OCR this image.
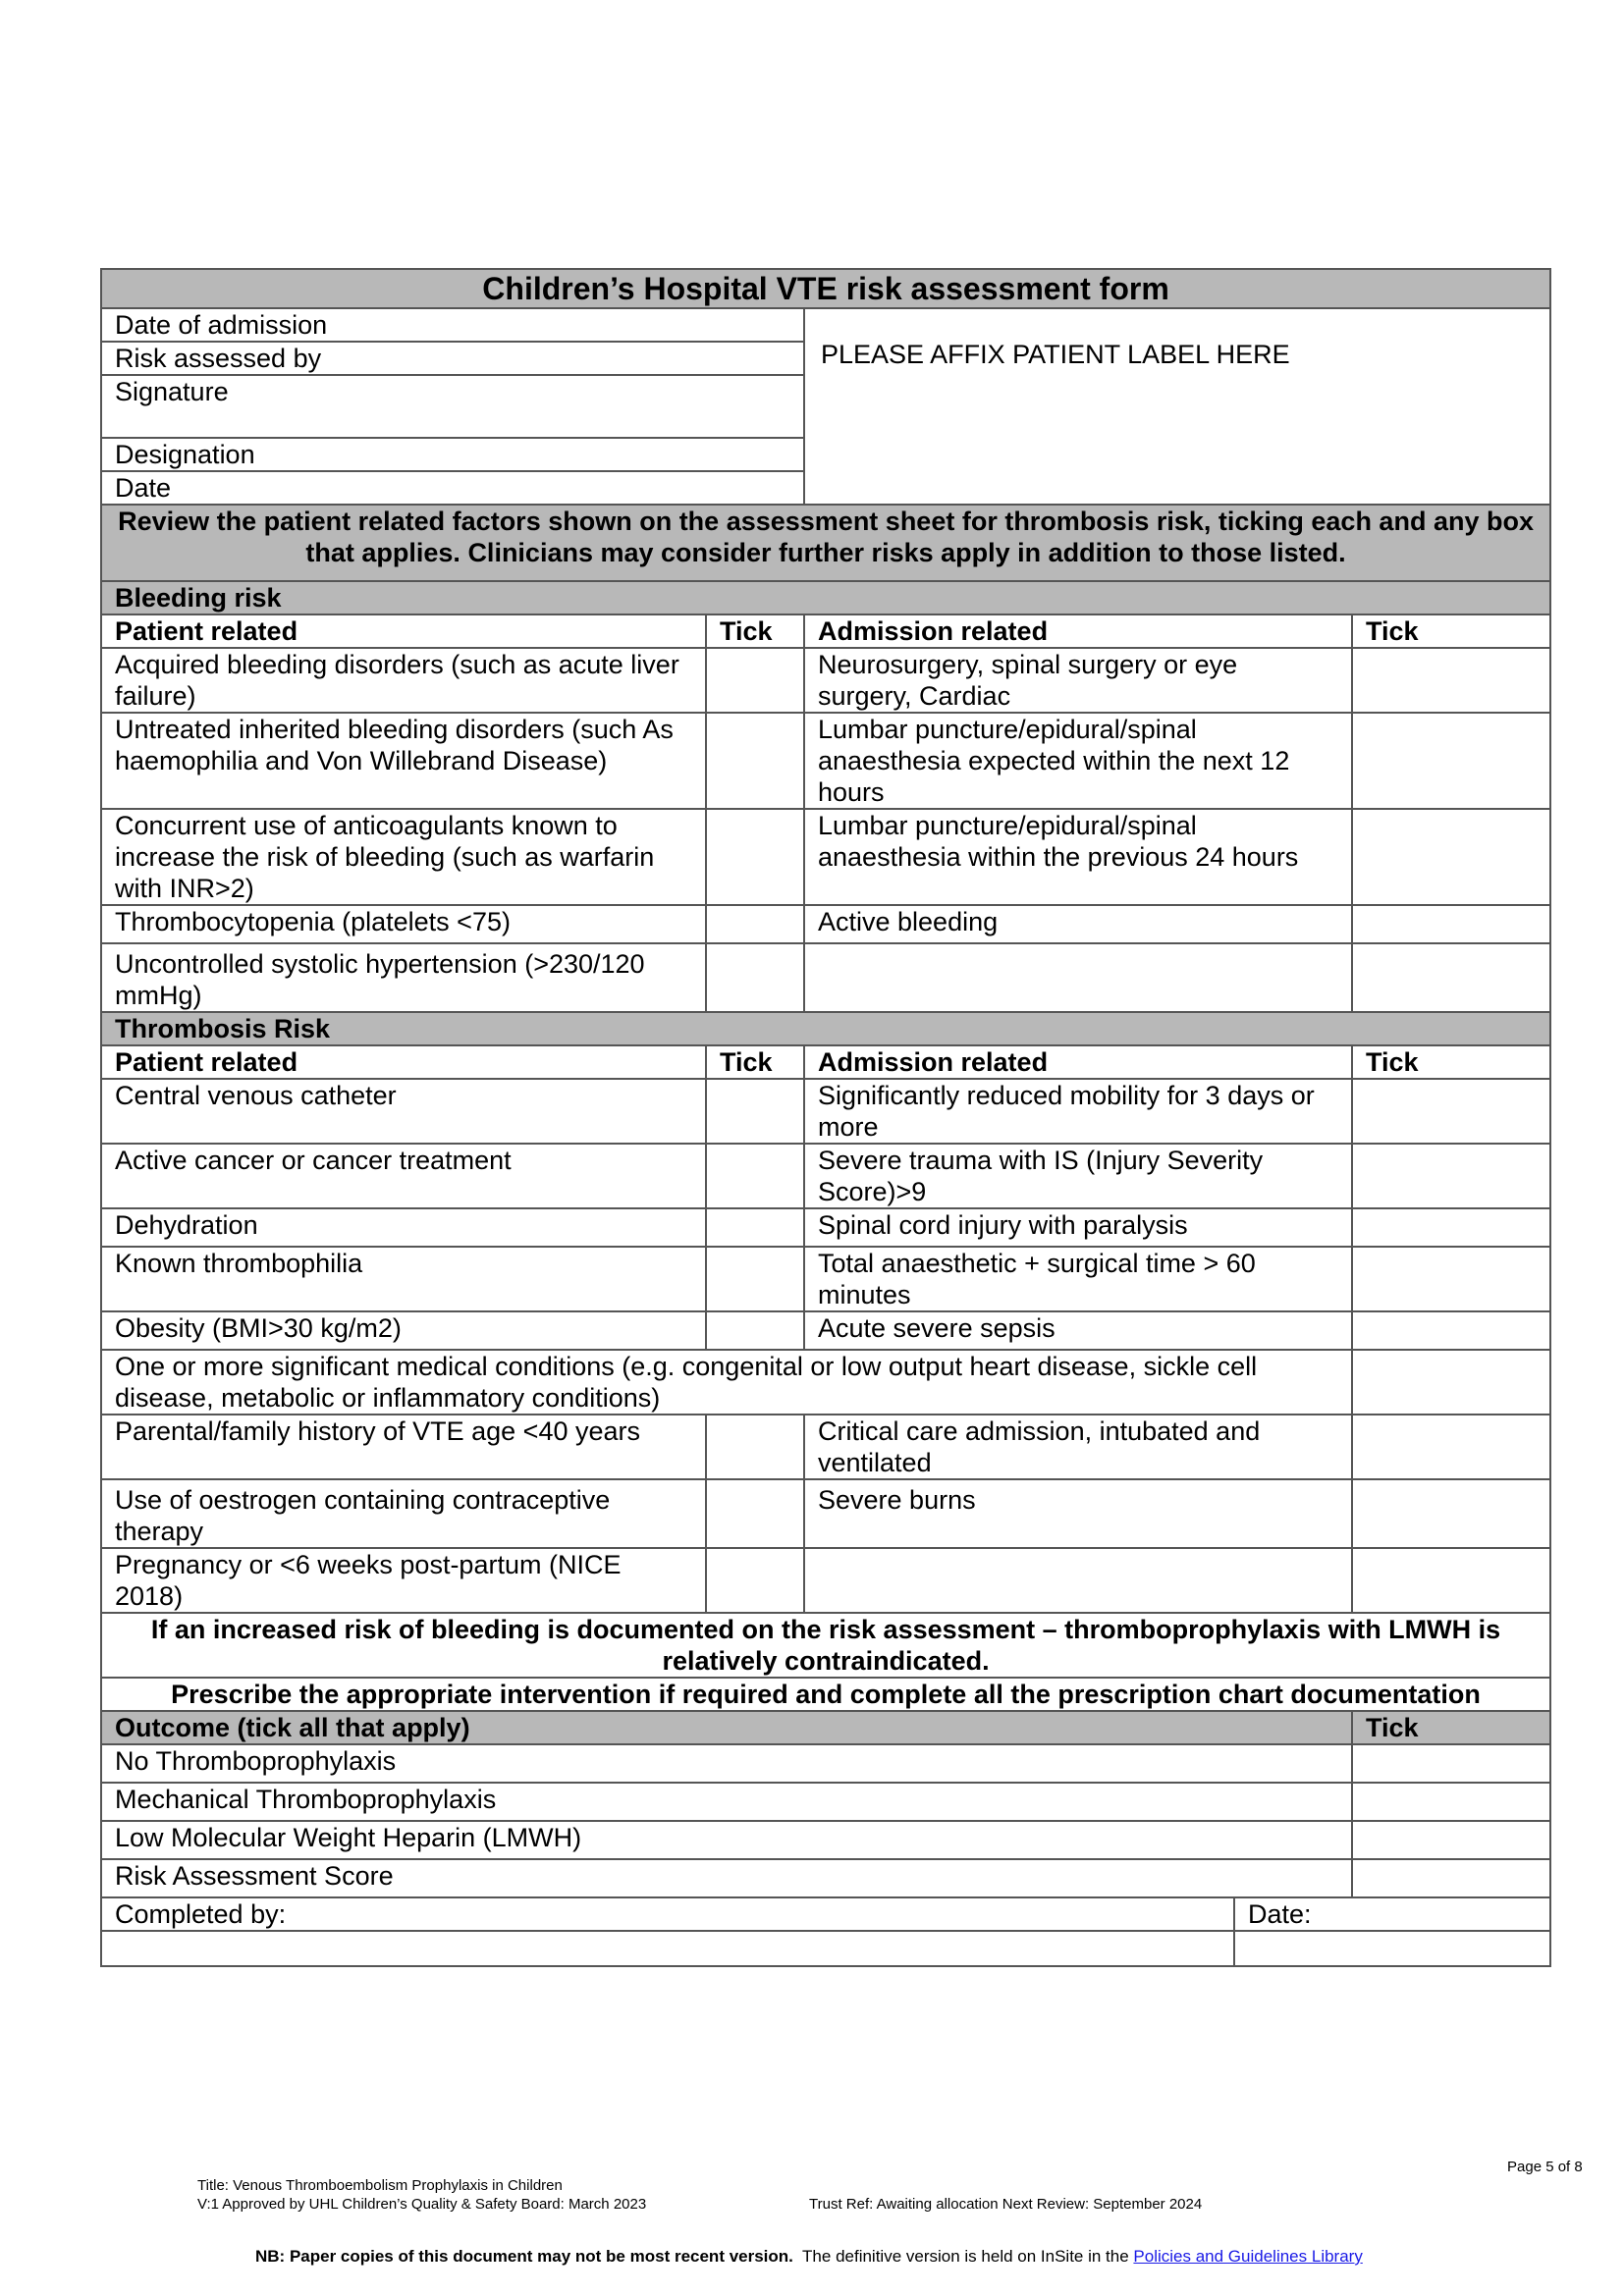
Children’s Hospital VTE risk assessment form				
Date of admission		PLEASE AFFIX PATIENT LABEL HERE		
Risk assessed by				
Signature				
Designation				
Date				
Review the patient related factors shown on the assessment sheet for thrombosis risk, ticking each and any box that applies. Clinicians may consider further risks apply in addition to those listed.				
Bleeding risk				
Patient related	Tick	Admission related		Tick
Acquired bleeding disorders (such as acute liver failure)		Neurosurgery, spinal surgery or eye surgery, Cardiac		
Untreated inherited bleeding disorders (such As haemophilia and Von Willebrand Disease)		Lumbar puncture/epidural/spinal anaesthesia expected within the next 12 hours		
Concurrent use of anticoagulants known to increase the risk of bleeding (such as warfarin with INR>2)		Lumbar puncture/epidural/spinal anaesthesia within the previous 24 hours		
Thrombocytopenia (platelets <75)		Active bleeding		
Uncontrolled systolic hypertension (>230/120 mmHg)				
Thrombosis Risk				
Patient related	Tick	Admission related		Tick
Central venous catheter		Significantly reduced mobility for 3 days or more		
Active cancer or cancer treatment		Severe trauma with IS (Injury Severity Score)>9		
Dehydration		Spinal cord injury with paralysis		
Known thrombophilia		Total anaesthetic + surgical time > 60 minutes		
Obesity (BMI>30 kg/m2)		Acute severe sepsis		
One or more significant medical conditions (e.g. congenital or low output heart disease, sickle cell disease, metabolic or inflammatory conditions)				
Parental/family history of VTE age <40 years		Critical care admission, intubated and ventilated		
Use of oestrogen containing contraceptive therapy		Severe burns		
Pregnancy or <6 weeks post-partum (NICE 2018)				
If an increased risk of bleeding is documented on the risk assessment – thromboprophylaxis with LMWH is relatively contraindicated.				
Prescribe the appropriate intervention if required and complete all the prescription chart documentation				
Outcome (tick all that apply)				Tick
No Thromboprophylaxis				
Mechanical Thromboprophylaxis				
Low Molecular Weight Heparin (LMWH)				
Risk Assessment Score				
Completed by:			Date:	

Page 5 of 8
Title: Venous Thromboembolism Prophylaxis in Children
V:1 Approved by UHL Children’s Quality & Safety Board: March 2023	Trust Ref: Awaiting allocation Next Review: September 2024
NB: Paper copies of this document may not be most recent version. The definitive version is held on InSite in the Policies and Guidelines Library
